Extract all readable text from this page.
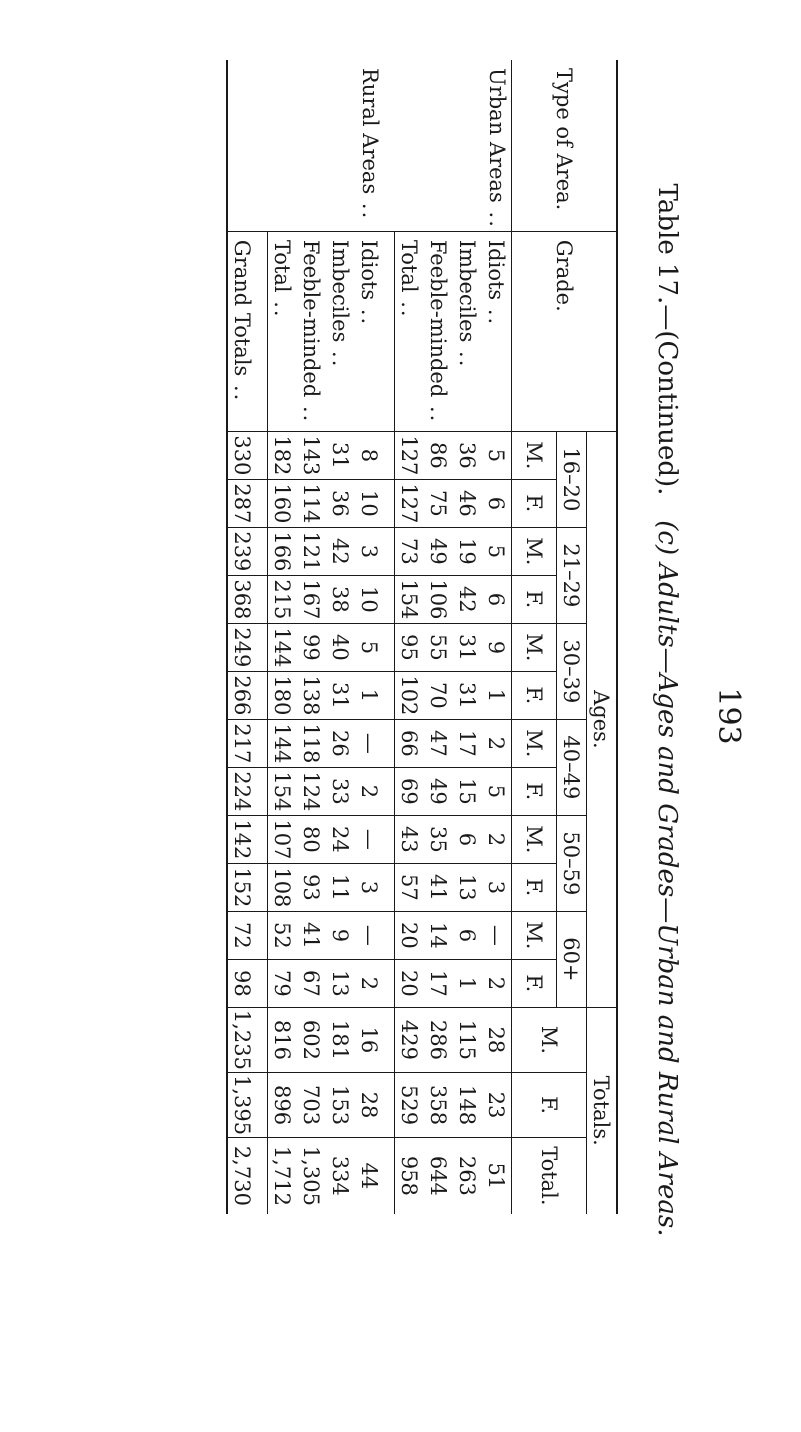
193
Table 17.—(Continued).   (c) Adults—Ages and Grades—Urban and Rural Areas.
Type of Area.	Grade.	Ages.												Totals.		
		16–20		21–29		30–39		40–49		50–59		60+		M.	F.	Total.
		M.	F.	M.	F.	M.	F.	M.	F.	M.	F.	M.	F.			
Urban Areas ..	Idiots ..	5	6	5	6	9	1	2	5	2	3	—	2	28	23	51
	Imbeciles ..	36	46	19	42	31	31	17	15	6	13	6	1	115	148	263
	Feeble-minded ..	86	75	49	106	55	70	47	49	35	41	14	17	286	358	644
	Total ..	127	127	73	154	95	102	66	69	43	57	20	20	429	529	958

Rural Areas ..	Idiots ..	8	10	3	10	5	1	—	2	—	3	—	2	16	28	44
	Imbeciles ..	31	36	42	38	40	31	26	33	24	11	9	13	181	153	334
	Feeble-minded ..	143	114	121	167	99	138	118	124	80	93	41	67	602	703	1,305
	Total ..	182	160	166	215	144	180	144	154	107	108	52	79	816	896	1,712

	Grand Totals ..	330	287	239	368	249	266	217	224	142	152	72	98	1,235	1,395	2,730
